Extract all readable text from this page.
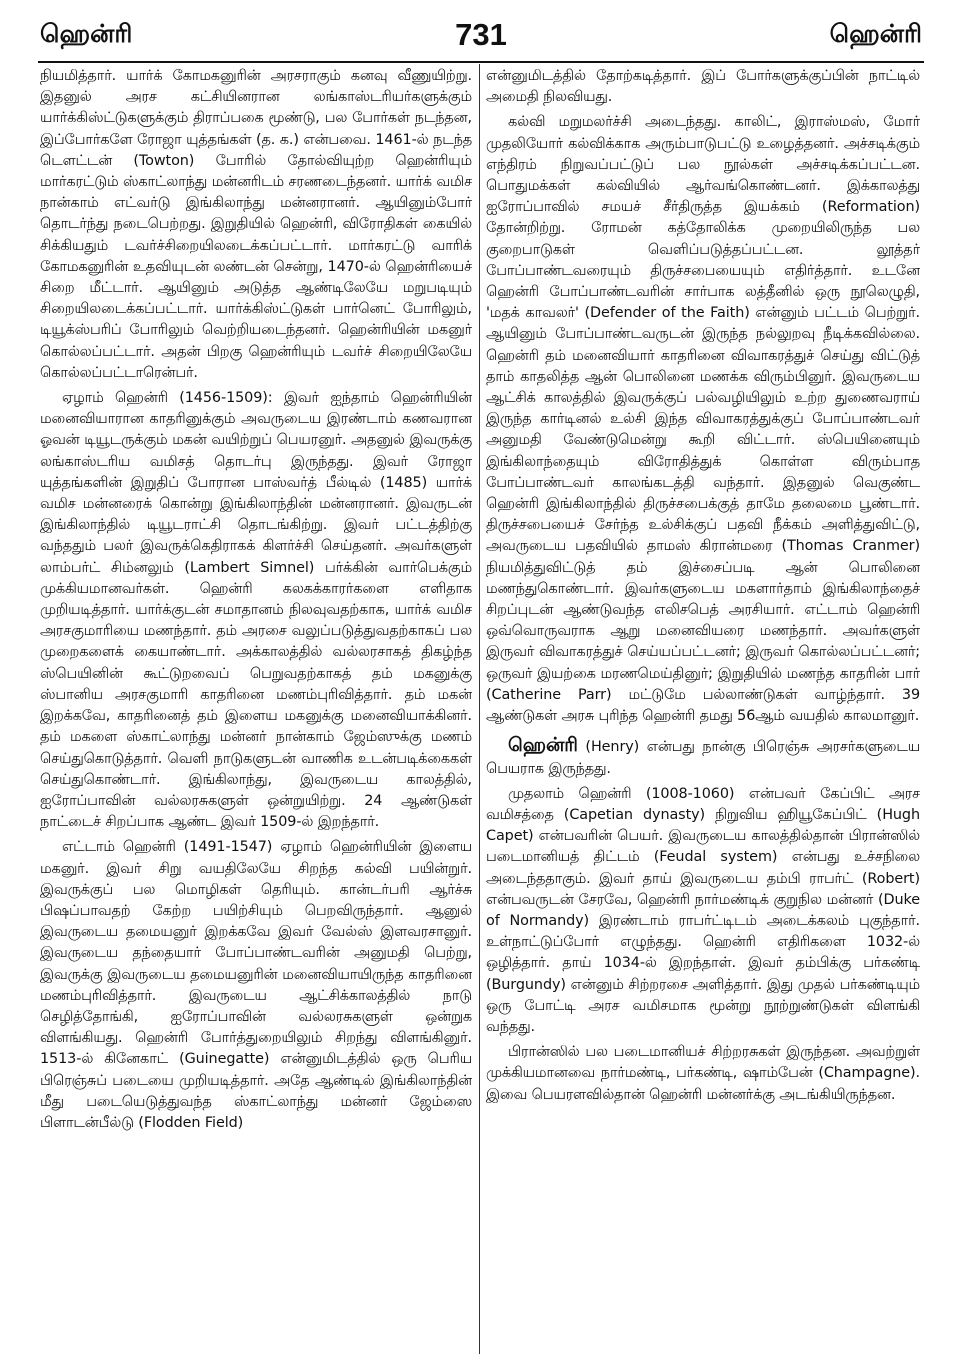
ஹென்ரி	731	ஹென்ரி

நியமித்தார். யார்க் கோமகனுரின் அரசராகும் கனவு வீணுயிற்று. இதனுல் அரச கட்சியினரான லங்காஸ்டரியர்களுக்கும் யார்க்கிஸ்ட்டுகளுக்கும் திராப்பகை மூண்டு, பல போர்கள் நடந்தன, இப்போர்களே ரோஜா யுத்தங்கள் (த. க.) என்பவை. 1461-ல் நடந்த டௌட்டன் (Towton) போரில் தோல்வியுற்ற ஹென்ரியும் மார்கரட்டும் ஸ்காட்லாந்து மன்னரிடம் சரணடைந்தனர். யார்க் வமிச நான்காம் எட்வர்டு இங்கிலாந்து மன்னரானர். ஆயினும்போர் தொடர்ந்து நடைபெற்றது. இறுதியில் ஹென்ரி, விரோதிகள் கையில் சிக்கியதும் டவர்ச்சிறையிலடைக்கப்பட்டார். மார்கரட்டு வாரிக் கோமகனுரின் உதவியுடன் லண்டன் சென்று, 1470-ல் ஹென்ரியைச் சிறை மீட்டார். ஆயினும் அடுத்த ஆண்டிலேயே மறுபடியும் சிறையிலடைக்கப்பட்டார். யார்க்கிஸ்ட்டுகள் பார்னெட் போரிலும், டியூக்ஸ்பரிப் போரிலும் வெற்றியடைந்தனர். ஹென்ரியின் மகனுர் கொல்லப்பட்டார். அதன் பிறகு ஹென்ரியும் டவர்ச் சிறையிலேயே கொல்லப்பட்டாரென்பர்.

ஏழாம் ஹென்ரி (1456-1509): இவர் ஐந்தாம் ஹென்ரியின் மனைவியாரான காதரினுக்கும் அவருடைய இரண்டாம் கணவரான ஓவன் டியூடருக்கும் மகன் வயிற்றுப் பெயரனுர். அதனுல் இவருக்கு லங்காஸ்டரிய வமிசத் தொடர்பு இருந்தது. இவர் ரோஜா யுத்தங்களின் இறுதிப் போரான பாஸ்வர்த் பீல்டில் (1485) யார்க் வமிச மன்னரைக் கொன்று இங்கிலாந்தின் மன்னரானர். இவருடன் இங்கிலாந்தில் டியூடராட்சி தொடங்கிற்று. இவர் பட்டத்திற்கு வந்ததும் பலர் இவருக்கெதிராகக் கிளர்ச்சி செய்தனர். அவர்களுள் லாம்பர்ட் சிம்னலும் (Lambert Simnel) பர்க்கின் வார்பெக்கும் முக்கியமானவர்கள். ஹென்ரி கலகக்காரர்களை எளிதாக முறியடித்தார். யார்க்குடன் சமாதானம் நிலவுவதற்காக, யார்க் வமிச அரசகுமாரியை மணந்தார். தம் அரசை வலுப்படுத்துவதற்காகப் பல முறைகளைக் கையாண்டார். அக்காலத்தில் வல்லரசாகத் திகழ்ந்த ஸ்பெயினின் கூட்டுறவைப் பெறுவதற்காகத் தம் மகனுக்கு ஸ்பானிய அரசகுமாரி காதரினை மணம்புரிவித்தார். தம் மகன் இறக்கவே, காதரினைத் தம் இளைய மகனுக்கு மனைவியாக்கினர். தம் மகளை ஸ்காட்லாந்து மன்னர் நான்காம் ஜேம்ஸுக்கு மணம் செய்துகொடுத்தார். வெளி நாடுகளுடன் வாணிக உடன்படிக்கைகள் செய்துகொண்டார். இங்கிலாந்து, இவருடைய காலத்தில், ஐரோப்பாவின் வல்லரசுகளுள் ஒன்றுயிற்று. 24 ஆண்டுகள் நாட்டைச் சிறப்பாக ஆண்ட இவர் 1509-ல் இறந்தார்.

எட்டாம் ஹென்ரி (1491-1547) ஏழாம் ஹென்ரியின் இளைய மகனுர். இவர் சிறு வயதிலேயே சிறந்த கல்வி பயின்றுர். இவருக்குப் பல மொழிகள் தெரியும். கான்டர்பரி ஆர்ச்சு பிஷப்பாவதற் கேற்ற பயிற்சியும் பெறவிருந்தார். ஆனுல் இவருடைய தமையனுர் இறக்கவே இவர் வேல்ஸ் இளவரசானுர். இவருடைய தந்தையார் போப்பாண்டவரின் அனுமதி பெற்று, இவருக்கு இவருடைய தமையனுரின் மனைவியாயிருந்த காதரினை மணம்புரிவித்தார். இவருடைய ஆட்சிக்காலத்தில் நாடு செழித்தோங்கி, ஐரோப்பாவின் வல்லரசுகளுள் ஒன்றுக விளங்கியது. ஹென்ரி போர்த்துறையிலும் சிறந்து விளங்கினுர். 1513-ல் கினேகாட் (Guinegatte) என்னுமிடத்தில் ஒரு பெரிய பிரெஞ்சுப் படையை முறியடித்தார். அதே ஆண்டில் இங்கிலாந்தின் மீது படையெடுத்துவந்த ஸ்காட்லாந்து மன்னர் ஜேம்ஸை பிளாடன்பீல்டு (Flodden Field)

என்னுமிடத்தில் தோற்கடித்தார். இப் போர்களுக்குப்பின் நாட்டில் அமைதி நிலவியது.

கல்வி மறுமலர்ச்சி அடைந்தது. காலிட், இராஸ்மஸ், மோர் முதலியோர் கல்விக்காக அரும்பாடுபட்டு உழைத்தனர். அச்சடிக்கும் எந்திரம் நிறுவப்பட்டுப் பல நூல்கள் அச்சடிக்கப்பட்டன. பொதுமக்கள் கல்வியில் ஆர்வங்கொண்டனர். இக்காலத்து ஐரோப்பாவில் சமயச் சீர்திருத்த இயக்கம் (Reformation) தோன்றிற்று. ரோமன் கத்தோலிக்க முறையிலிருந்த பல குறைபாடுகள் வெளிப்படுத்தப்பட்டன. லூத்தர் போப்பாண்டவரையும் திருச்சபையையும் எதிர்த்தார். உடனே ஹென்ரி போப்பாண்டவரின் சார்பாக லத்தீனில் ஒரு நூலெழுதி, 'மதக் காவலர்' (Defender of the Faith) என்னும் பட்டம் பெற்றுர். ஆயினும் போப்பாண்டவருடன் இருந்த நல்லுறவு நீடிக்கவில்லை. ஹென்ரி தம் மனைவியார் காதரினை விவாகரத்துச் செய்து விட்டுத் தாம் காதலித்த ஆன் பொலினை மணக்க விரும்பினுர். இவருடைய ஆட்சிக் காலத்தில் இவருக்குப் பல்வழியிலும் உற்ற துணைவராய் இருந்த கார்டினல் உல்சி இந்த விவாகரத்துக்குப் போப்பாண்டவர் அனுமதி வேண்டுமென்று கூறி விட்டார். ஸ்பெயினையும் இங்கிலாந்தையும் விரோதித்துக் கொள்ள விரும்பாத போப்பாண்டவர் காலங்கடத்தி வந்தார். இதனுல் வெகுண்ட ஹென்ரி இங்கிலாந்தில் திருச்சபைக்குத் தாமே தலைமை பூண்டார். திருச்சபையைச் சேர்ந்த உல்சிக்குப் பதவி நீக்கம் அளித்துவிட்டு, அவருடைய பதவியில் தாமஸ் கிரான்மரை (Thomas Cranmer) நியமித்துவிட்டுத் தம் இச்சைப்படி ஆன் பொலினை மணந்துகொண்டார். இவர்களுடைய மகளார்தாம் இங்கிலாந்தைச் சிறப்புடன் ஆண்டுவந்த எலிசபெத் அரசியார். எட்டாம் ஹென்ரி ஒவ்வொருவராக ஆறு மனைவியரை மணந்தார். அவர்களுள் இருவர் விவாகரத்துச் செய்யப்பட்டனர்; இருவர் கொல்லப்பட்டனர்; ஒருவர் இயற்கை மரணமெய்தினுர்; இறுதியில் மணந்த காதரின் பார் (Catherine Parr) மட்டுமே பல்லாண்டுகள் வாழ்ந்தார். 39 ஆண்டுகள் அரசு புரிந்த ஹென்ரி தமது 56ஆம் வயதில் காலமானுர்.

ஹென்ரி (Henry) என்பது நான்கு பிரெஞ்சு அரசர்களுடைய பெயராக இருந்தது.

முதலாம் ஹென்ரி (1008-1060) என்பவர் கேப்பிட் அரச வமிசத்தை (Capetian dynasty) நிறுவிய ஹியூகேப்பிட் (Hugh Capet) என்பவரின் பெயர். இவருடைய காலத்தில்தான் பிரான்ஸில் படைமானியத் திட்டம் (Feudal system) என்பது உச்சநிலை அடைந்ததாகும். இவர் தாய் இவருடைய தம்பி ராபர்ட் (Robert) என்பவருடன் சேரவே, ஹென்ரி நார்மண்டிக் குறுநில மன்னர் (Duke of Normandy) இரண்டாம் ராபர்ட்டிடம் அடைக்கலம் புகுந்தார். உள்நாட்டுப்போர் எழுந்தது. ஹென்ரி எதிரிகளை 1032-ல் ஒழித்தார். தாய் 1034-ல் இறந்தாள். இவர் தம்பிக்கு பர்கண்டி (Burgundy) என்னும் சிற்றரசை அளித்தார். இது முதல் பர்கண்டியும் ஒரு போட்டி அரச வமிசமாக மூன்று நூற்றுண்டுகள் விளங்கி வந்தது.

பிரான்ஸில் பல படைமானியச் சிற்றரசுகள் இருந்தன. அவற்றுள் முக்கியமானவை நார்மண்டி, பர்கண்டி, ஷாம்பேன் (Champagne). இவை பெயரளவில்தான் ஹென்ரி மன்னர்க்கு அடங்கியிருந்தன.
